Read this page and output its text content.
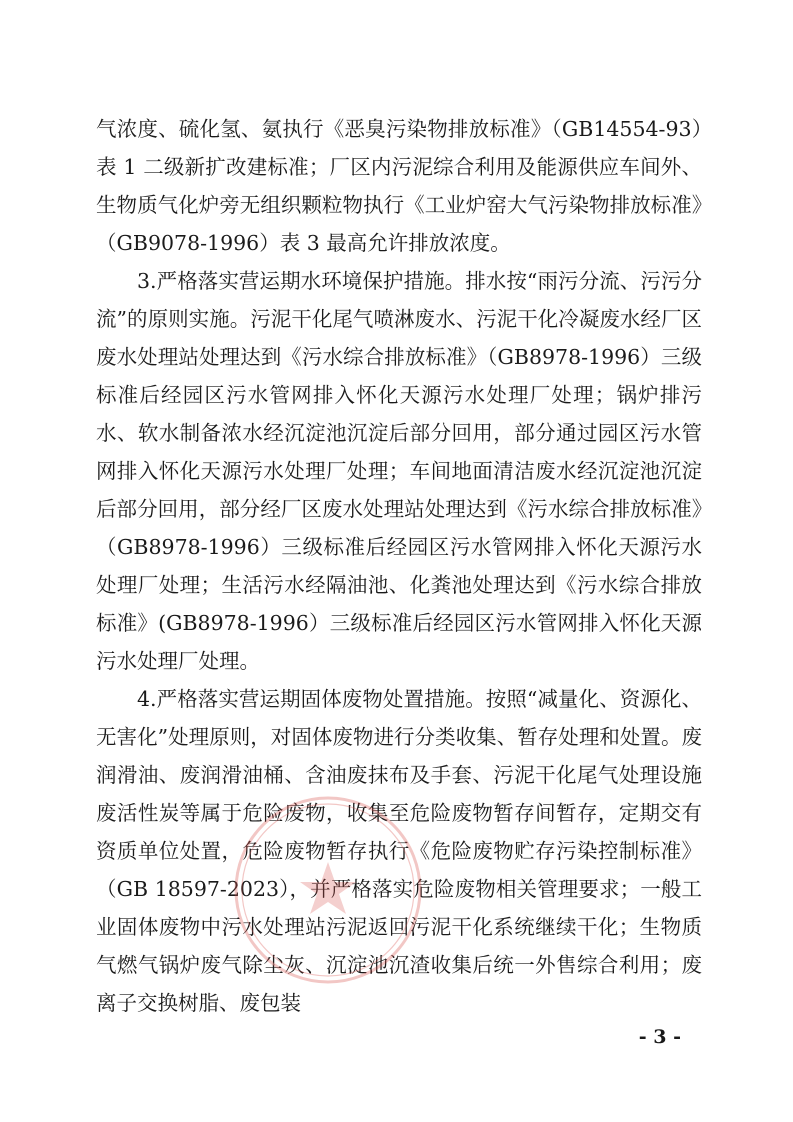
气浓度、硫化氢、氨执行《恶臭污染物排放标准》（GB14554-93）表 1 二级新扩改建标准；厂区内污泥综合利用及能源供应车间外、生物质气化炉旁无组织颗粒物执行《工业炉窑大气污染物排放标准》（GB9078-1996）表 3 最高允许排放浓度。

3.严格落实营运期水环境保护措施。排水按“雨污分流、污污分流”的原则实施。污泥干化尾气喷淋废水、污泥干化冷凝废水经厂区废水处理站处理达到《污水综合排放标准》（GB8978-1996）三级标准后经园区污水管网排入怀化天源污水处理厂处理；锅炉排污水、软水制备浓水经沉淀池沉淀后部分回用，部分通过园区污水管网排入怀化天源污水处理厂处理；车间地面清洁废水经沉淀池沉淀后部分回用，部分经厂区废水处理站处理达到《污水综合排放标准》（GB8978-1996）三级标准后经园区污水管网排入怀化天源污水处理厂处理；生活污水经隔油池、化粪池处理达到《污水综合排放标准》(GB8978-1996）三级标准后经园区污水管网排入怀化天源污水处理厂处理。

4.严格落实营运期固体废物处置措施。按照“减量化、资源化、无害化”处理原则，对固体废物进行分类收集、暂存处理和处置。废润滑油、废润滑油桶、含油废抹布及手套、污泥干化尾气处理设施废活性炭等属于危险废物，收集至危险废物暂存间暂存，定期交有资质单位处置，危险废物暂存执行《危险废物贮存污染控制标准》（GB 18597-2023），并严格落实危险废物相关管理要求；一般工业固体废物中污水处理站污泥返回污泥干化系统继续干化；生物质气燃气锅炉废气除尘灰、沉淀池沉渣收集后统一外售综合利用；废离子交换树脂、废包装

- 3 -
